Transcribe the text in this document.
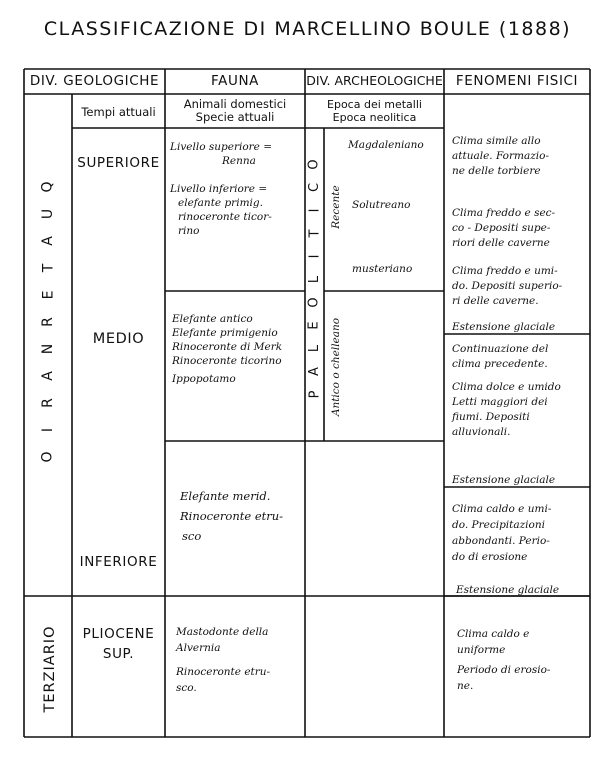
CLASSIFICAZIONE DI MARCELLINO BOULE (1888)
DIV. GEOLOGICHE	FAUNA	DIV. ARCHEOLOGICHE FENOMENI FISICI
Tempi attuali
Animali domestici
Specie attuali
Epoca dei metalli
Epoca neolitica
Q
U
A
T
E
R
N
A
R
I
O
TERZIARIO
SUPERIORE
MEDIO
INFERIORE
PLIOCENE
SUP.
Livello superiore =
Renna
Livello inferiore =
elefante primig.
rinoceronte ticor-
rino
Elefante antico
Elefante primigenio
Rinoceronte di Merk
Rinoceronte ticorino
Ippopotamo
Elefante merid.
Rinoceronte etru-
sco
Mastodonte della
Alvernia
Rinoceronte etru-
sco.
O
C
I
T
I
L
O
E
L
A
P
Recente
Antico o chelleano
Magdaleniano
Solutreano
musteriano
Clima simile allo
attuale. Formazio-
ne delle torbiere
Clima freddo e sec-
co - Depositi supe-
riori delle caverne
Clima freddo e umi-
do. Depositi superio-
ri delle caverne.
Estensione glaciale
Continuazione del
clima precedente.
Clima dolce e umido
Letti maggiori dei
fiumi. Depositi
alluvionali.
Estensione glaciale
Clima caldo e umi-
do. Precipitazioni
abbondanti. Perio-
do di erosione
Estensione glaciale
Clima caldo e
uniforme
Periodo di erosio-
ne.
